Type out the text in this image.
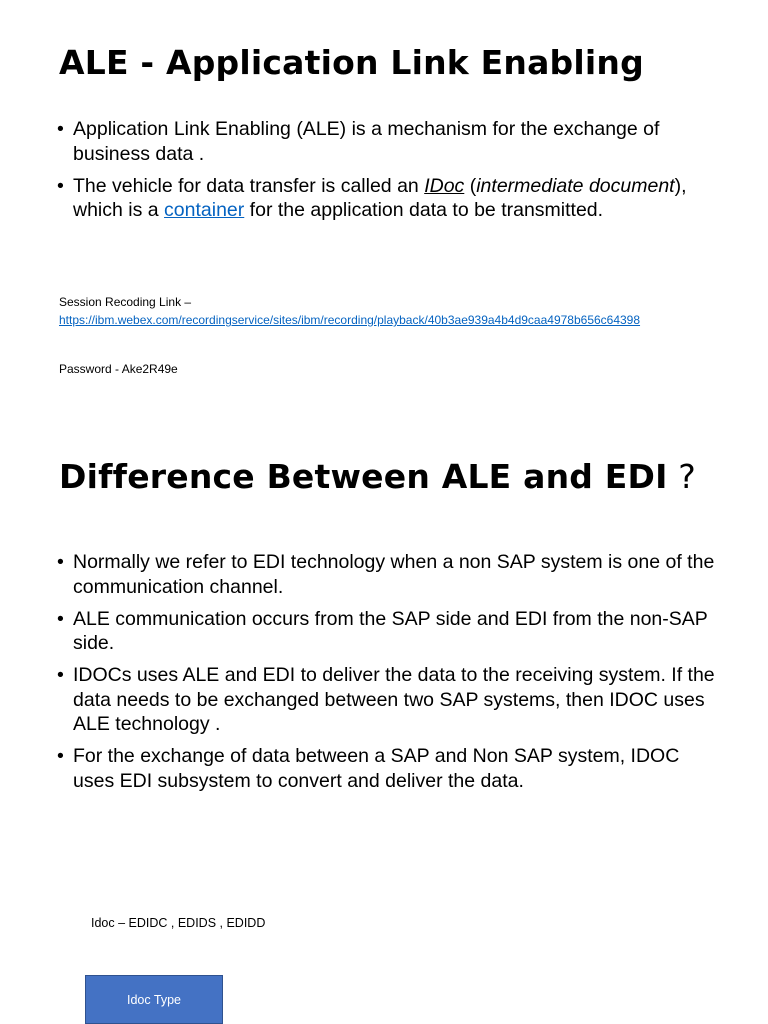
ALE - Application Link Enabling
• Application Link Enabling (ALE) is a mechanism for the exchange of business data .
• The vehicle for data transfer is called an IDoc (intermediate document), which is a container for the application data to be transmitted.

Session Recoding Link –

https://ibm.webex.com/recordingservice/sites/ibm/recording/playback/40b3ae939a4b4d9caa4978b656c64398

Password - Ake2R49e

Difference Between ALE and EDI ?
• Normally we refer to EDI technology when a non SAP system is one of the communication channel.
• ALE communication occurs from the SAP side and EDI from the non-SAP side.
• IDOCs uses ALE and EDI to deliver the data to the receiving system. If the data needs to be exchanged between two SAP systems, then IDOC uses ALE technology .
• For the exchange of data between a SAP and Non SAP system, IDOC uses EDI subsystem to convert and deliver the data.

Idoc – EDIDC , EDIDS , EDIDD

Idoc Type
